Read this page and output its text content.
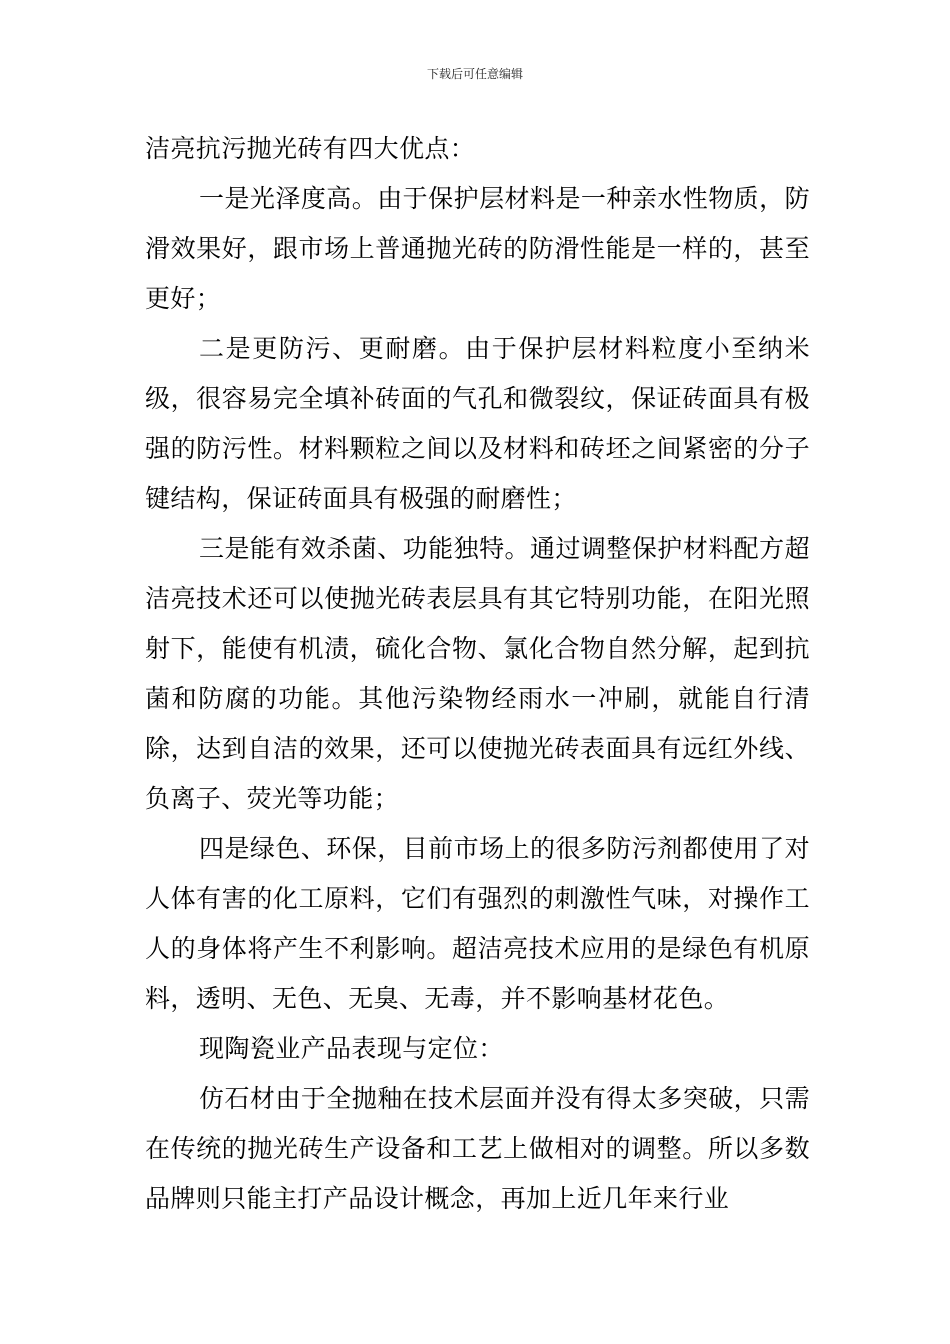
下载后可任意编辑

洁亮抗污抛光砖有四大优点：

一是光泽度高。由于保护层材料是一种亲水性物质，防滑效果好，跟市场上普通抛光砖的防滑性能是一样的，甚至更好；

二是更防污、更耐磨。由于保护层材料粒度小至纳米级，很容易完全填补砖面的气孔和微裂纹，保证砖面具有极强的防污性。材料颗粒之间以及材料和砖坯之间紧密的分子键结构，保证砖面具有极强的耐磨性；

三是能有效杀菌、功能独特。通过调整保护材料配方超洁亮技术还可以使抛光砖表层具有其它特别功能，在阳光照射下，能使有机渍，硫化合物、氯化合物自然分解，起到抗菌和防腐的功能。其他污染物经雨水一冲刷，就能自行清除，达到自洁的效果，还可以使抛光砖表面具有远红外线、负离子、荧光等功能；

四是绿色、环保，目前市场上的很多防污剂都使用了对人体有害的化工原料，它们有强烈的刺激性气味，对操作工人的身体将产生不利影响。超洁亮技术应用的是绿色有机原料，透明、无色、无臭、无毒，并不影响基材花色。

现陶瓷业产品表现与定位：

仿石材由于全抛釉在技术层面并没有得太多突破，只需在传统的抛光砖生产设备和工艺上做相对的调整。所以多数品牌则只能主打产品设计概念，再加上近几年来行业
